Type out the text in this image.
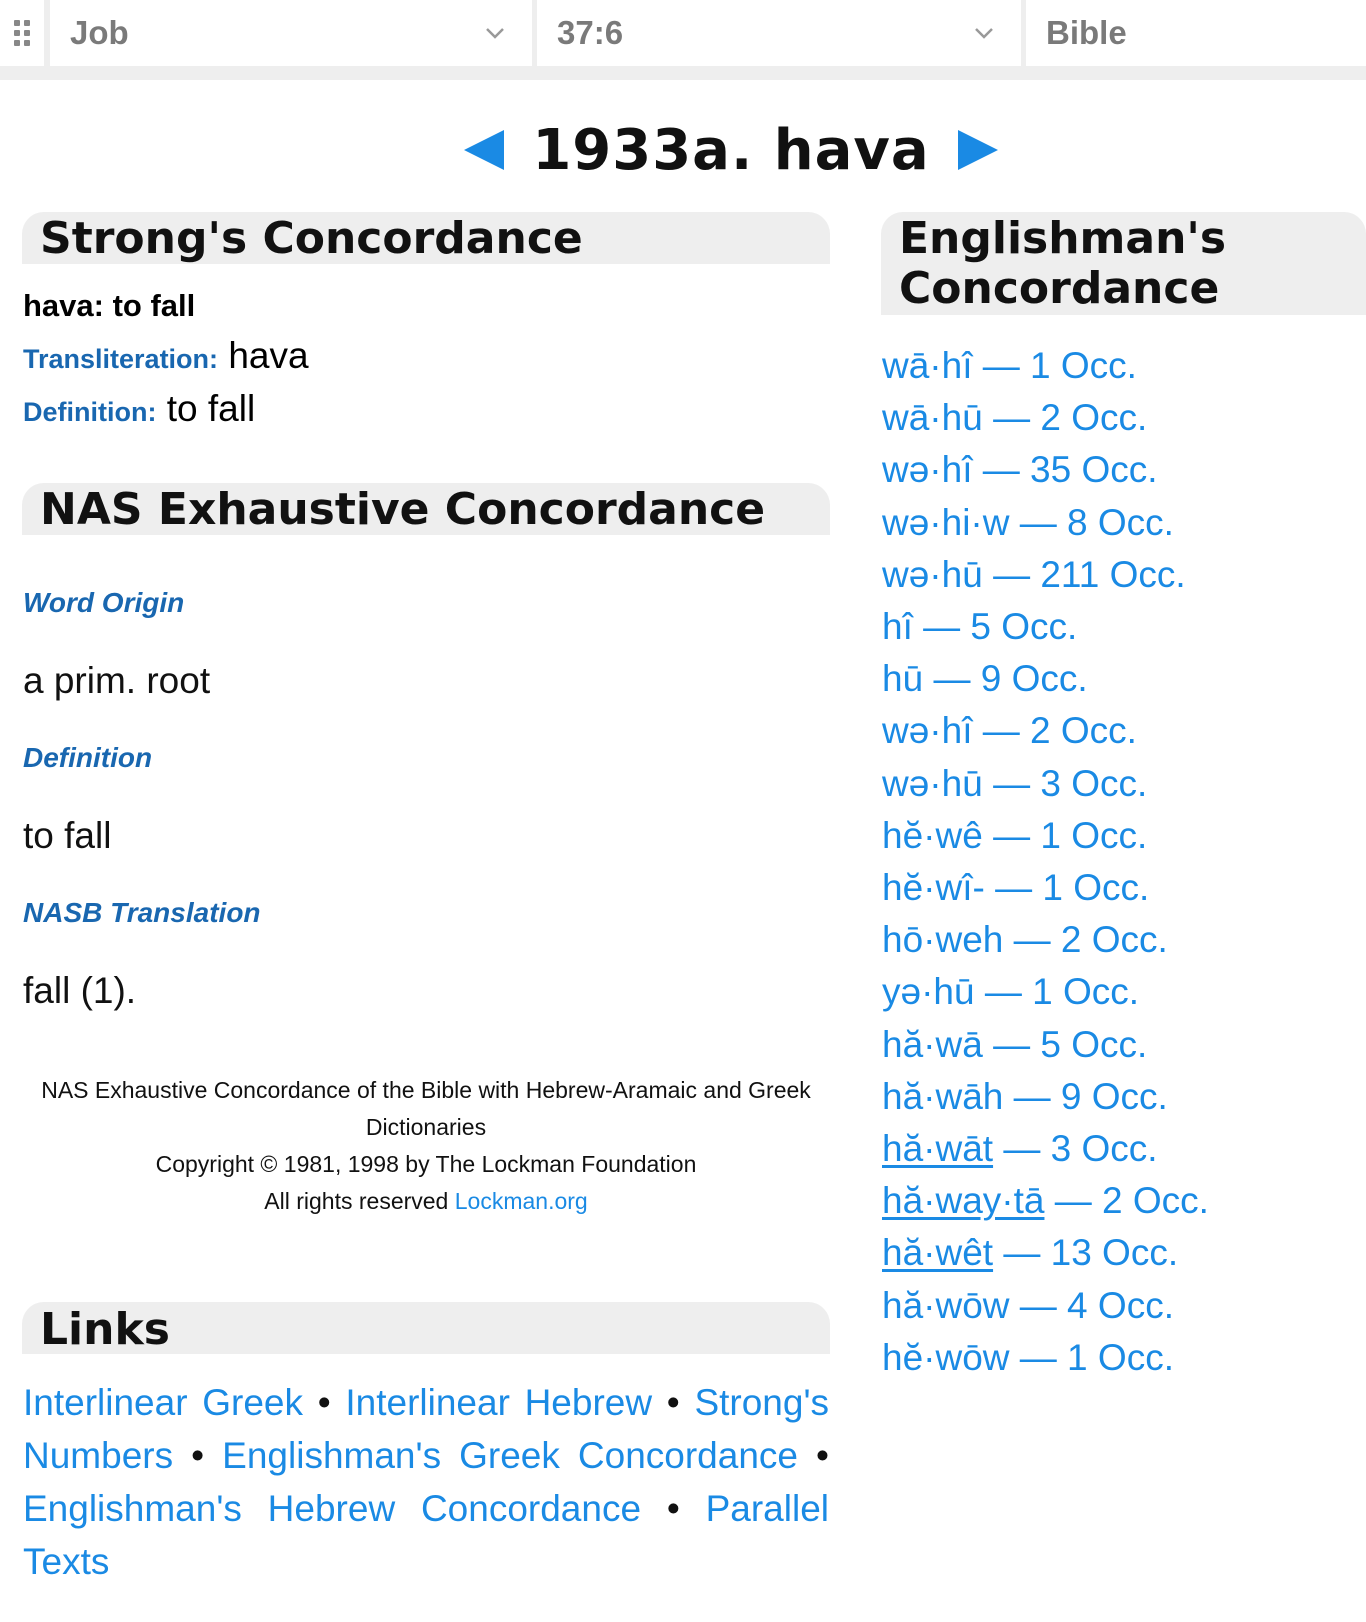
Job	37:6	Bible
1933a. hava
Strong's Concordance
hava: to fall
Transliteration: hava
Definition: to fall
NAS Exhaustive Concordance
Word Origin
a prim. root
Definition
to fall
NASB Translation
fall (1).
NAS Exhaustive Concordance of the Bible with Hebrew-Aramaic and Greek Dictionaries
Copyright © 1981, 1998 by The Lockman Foundation
All rights reserved Lockman.org
Links
Interlinear Greek • Interlinear Hebrew • Strong's Numbers • Englishman's Greek Concordance • Englishman's Hebrew Concordance • Parallel Texts
Englishman's Concordance
wā·hî — 1 Occ.
wā·hū — 2 Occ.
wə·hî — 35 Occ.
wə·hi·w — 8 Occ.
wə·hū — 211 Occ.
hî — 5 Occ.
hū — 9 Occ.
wə·hî — 2 Occ.
wə·hū — 3 Occ.
hĕ·wê — 1 Occ.
hĕ·wî- — 1 Occ.
hō·weh — 2 Occ.
yə·hū — 1 Occ.
hă·wā — 5 Occ.
hă·wāh — 9 Occ.
hă·wāt — 3 Occ.
hă·way·tā — 2 Occ.
hă·wêt — 13 Occ.
hă·wōw — 4 Occ.
hĕ·wōw — 1 Occ.
